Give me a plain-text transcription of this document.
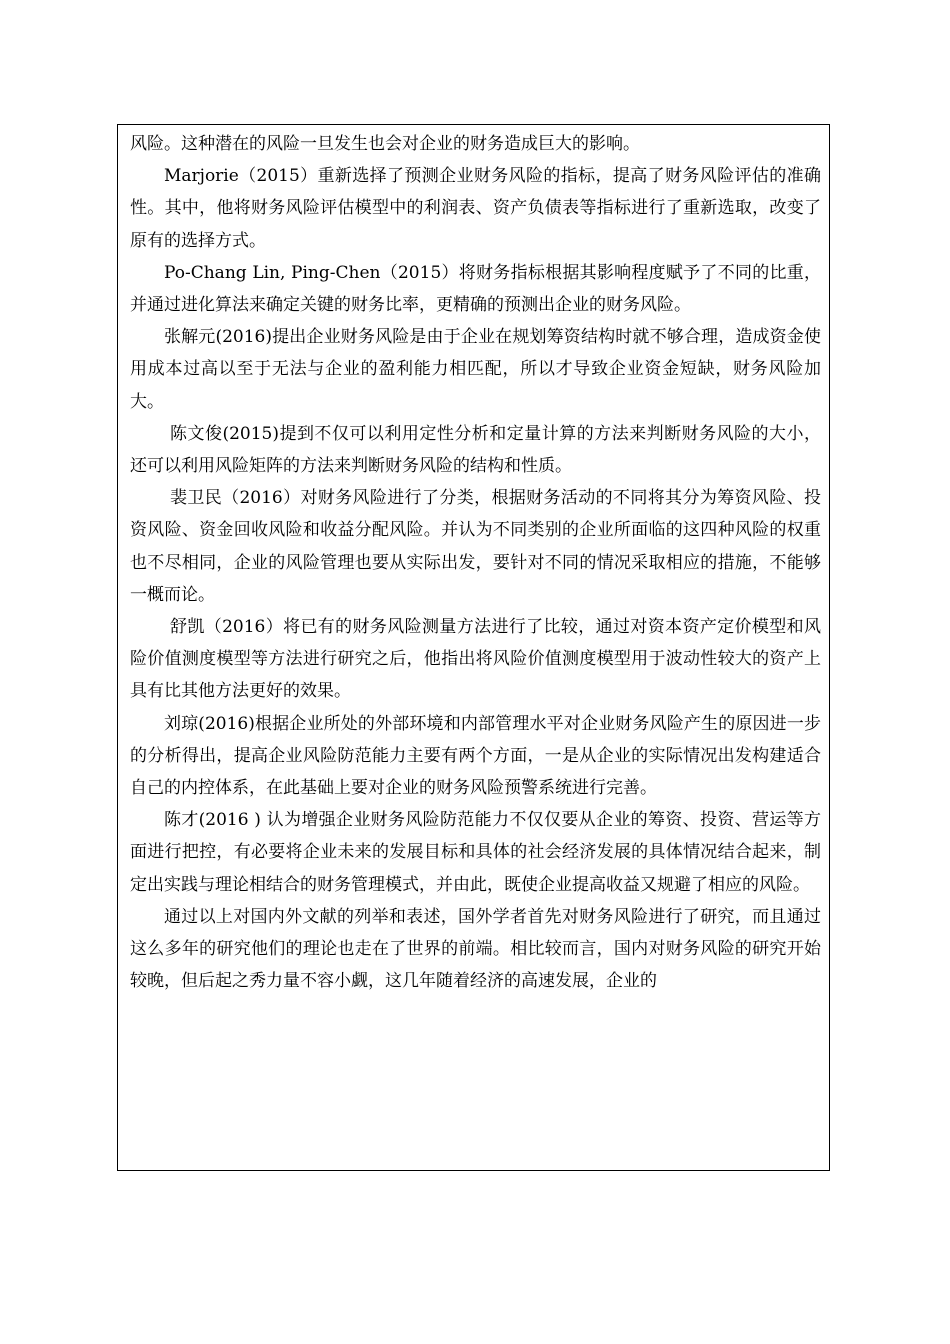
风险。这种潜在的风险一旦发生也会对企业的财务造成巨大的影响。

Marjorie（2015）重新选择了预测企业财务风险的指标，提高了财务风险评估的准确性。其中，他将财务风险评估模型中的利润表、资产负债表等指标进行了重新选取，改变了原有的选择方式。

Po-Chang Lin, Ping-Chen（2015）将财务指标根据其影响程度赋予了不同的比重，并通过进化算法来确定关键的财务比率，更精确的预测出企业的财务风险。

张解元(2016)提出企业财务风险是由于企业在规划筹资结构时就不够合理，造成资金使用成本过高以至于无法与企业的盈利能力相匹配，所以才导致企业资金短缺，财务风险加大。

陈文俊(2015)提到不仅可以利用定性分析和定量计算的方法来判断财务风险的大小，还可以利用风险矩阵的方法来判断财务风险的结构和性质。

裴卫民（2016）对财务风险进行了分类，根据财务活动的不同将其分为筹资风险、投资风险、资金回收风险和收益分配风险。并认为不同类别的企业所面临的这四种风险的权重也不尽相同，企业的风险管理也要从实际出发，要针对不同的情况采取相应的措施，不能够一概而论。

舒凯（2016）将已有的财务风险测量方法进行了比较，通过对资本资产定价模型和风险价值测度模型等方法进行研究之后，他指出将风险价值测度模型用于波动性较大的资产上具有比其他方法更好的效果。

刘琼(2016)根据企业所处的外部环境和内部管理水平对企业财务风险产生的原因进一步的分析得出，提高企业风险防范能力主要有两个方面，一是从企业的实际情况出发构建适合自己的内控体系，在此基础上要对企业的财务风险预警系统进行完善。

陈才(2016 ) 认为增强企业财务风险防范能力不仅仅要从企业的筹资、投资、营运等方面进行把控，有必要将企业未来的发展目标和具体的社会经济发展的具体情况结合起来，制定出实践与理论相结合的财务管理模式，并由此，既使企业提高收益又规避了相应的风险。

通过以上对国内外文献的列举和表述，国外学者首先对财务风险进行了研究，而且通过这么多年的研究他们的理论也走在了世界的前端。相比较而言，国内对财务风险的研究开始较晚，但后起之秀力量不容小觑，这几年随着经济的高速发展，企业的
